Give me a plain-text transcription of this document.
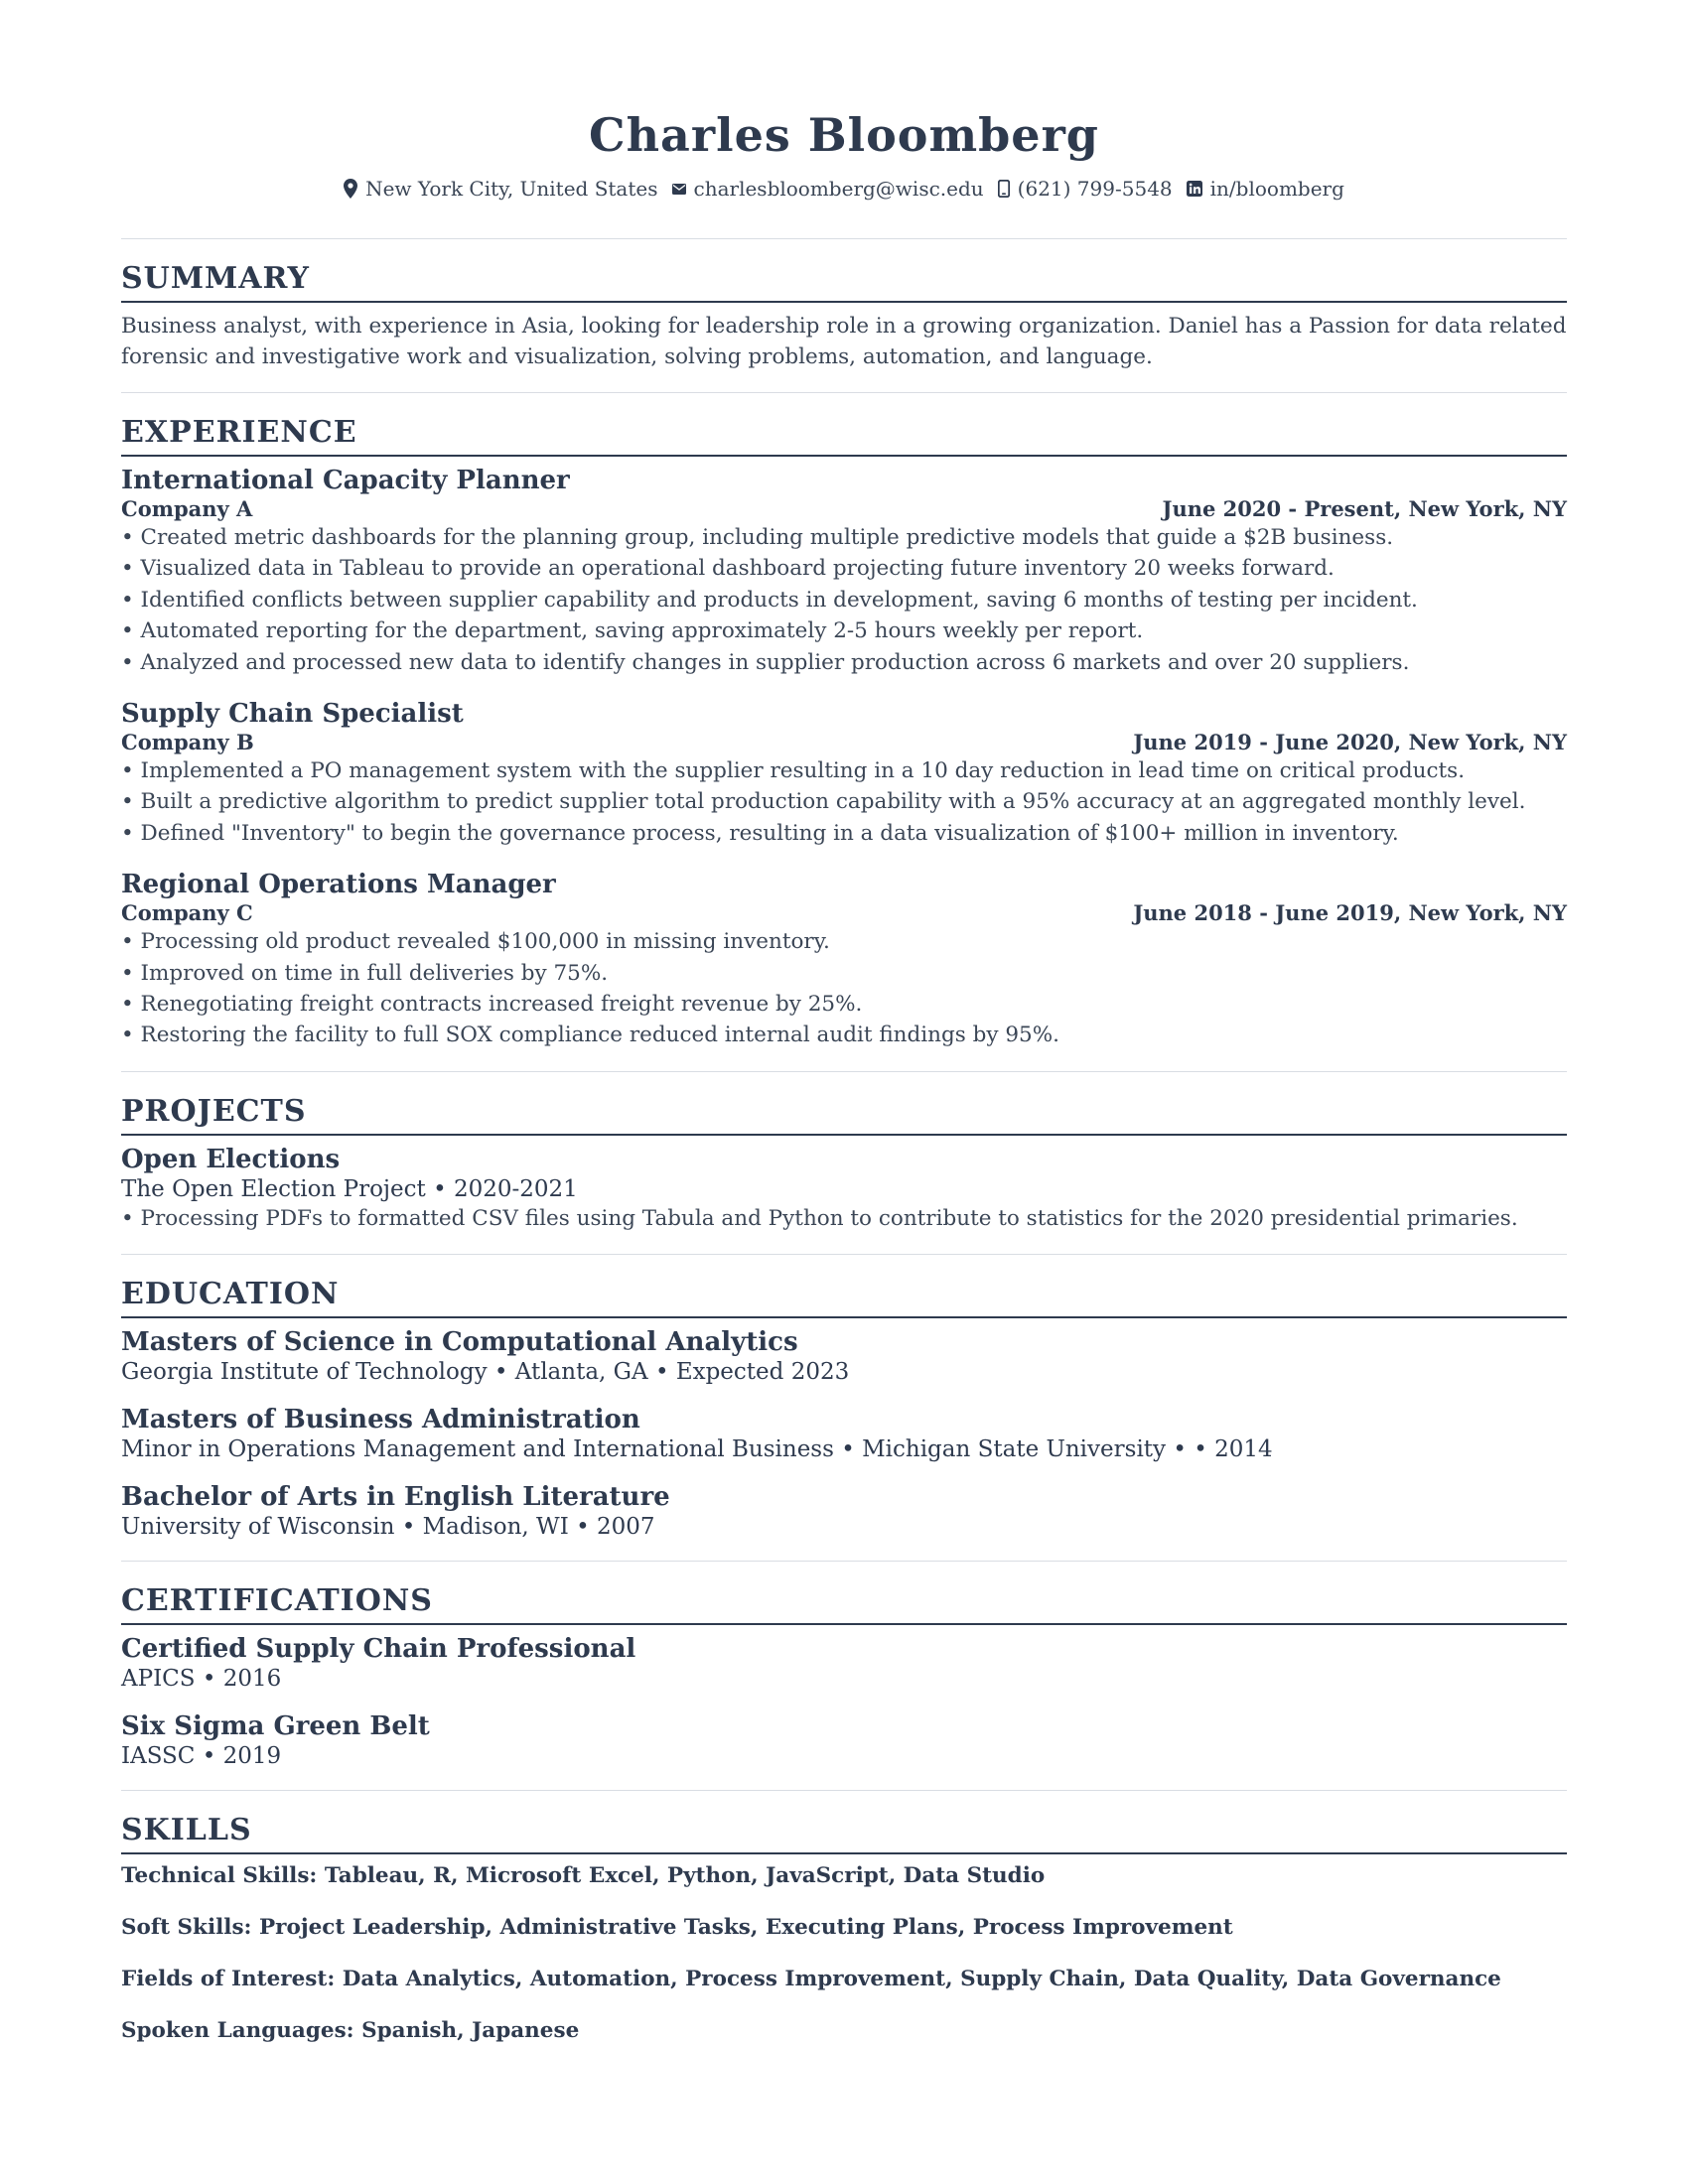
Charles Bloomberg
New York City, United States charlesbloomberg@wisc.edu (621) 799-5548 in/bloomberg
SUMMARY

Business analyst, with experience in Asia, looking for leadership role in a growing organization. Daniel has a Passion for data related forensic and investigative work and visualization, solving problems, automation, and language.

EXPERIENCE
International Capacity Planner
Company A	June 2020 - Present, New York, NY
• Created metric dashboards for the planning group, including multiple predictive models that guide a $2B business.
• Visualized data in Tableau to provide an operational dashboard projecting future inventory 20 weeks forward.
• Identified conflicts between supplier capability and products in development, saving 6 months of testing per incident.
• Automated reporting for the department, saving approximately 2-5 hours weekly per report.
• Analyzed and processed new data to identify changes in supplier production across 6 markets and over 20 suppliers.
Supply Chain Specialist
Company B	June 2019 - June 2020, New York, NY
• Implemented a PO management system with the supplier resulting in a 10 day reduction in lead time on critical products.
• Built a predictive algorithm to predict supplier total production capability with a 95% accuracy at an aggregated monthly level.
• Defined "Inventory" to begin the governance process, resulting in a data visualization of $100+ million in inventory.
Regional Operations Manager
Company C	June 2018 - June 2019, New York, NY
• Processing old product revealed $100,000 in missing inventory.
• Improved on time in full deliveries by 75%.
• Renegotiating freight contracts increased freight revenue by 25%.
• Restoring the facility to full SOX compliance reduced internal audit findings by 95%.
PROJECTS
Open Elections

The Open Election Project • 2020-2021

• Processing PDFs to formatted CSV files using Tabula and Python to contribute to statistics for the 2020 presidential primaries.
EDUCATION
Masters of Science in Computational Analytics

Georgia Institute of Technology • Atlanta, GA • Expected 2023

Masters of Business Administration

Minor in Operations Management and International Business • Michigan State University • • 2014

Bachelor of Arts in English Literature

University of Wisconsin • Madison, WI • 2007

CERTIFICATIONS
Certified Supply Chain Professional

APICS • 2016

Six Sigma Green Belt

IASSC • 2019

SKILLS

Technical Skills: Tableau, R, Microsoft Excel, Python, JavaScript, Data Studio

Soft Skills: Project Leadership, Administrative Tasks, Executing Plans, Process Improvement

Fields of Interest: Data Analytics, Automation, Process Improvement, Supply Chain, Data Quality, Data Governance

Spoken Languages: Spanish, Japanese
